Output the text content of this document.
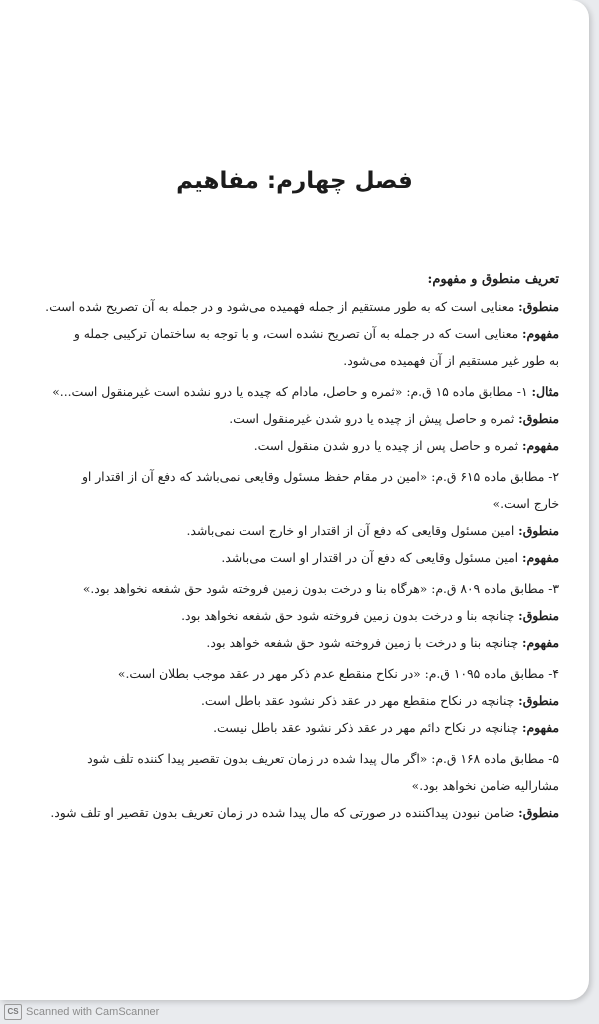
فصل چهارم: مفاهیم
تعریف منطوق و مفهوم:
منطوق: معنایی است که به طور مستقیم از جمله فهمیده می‌شود و در جمله به آن تصریح شده است.
مفهوم: معنایی است که در جمله به آن تصریح نشده است، و با توجه به ساختمان ترکیبی جمله و
به طور غیر مستقیم از آن فهمیده می‌شود.
مثال: ۱- مطابق ماده ۱۵ ق.م: «ثمره و حاصل، مادام که چیده یا درو نشده است غیرمنقول است...»
منطوق: ثمره و حاصل پیش از چیده یا درو شدن غیرمنقول است.
مفهوم: ثمره و حاصل پس از چیده یا درو شدن منقول است.
۲- مطابق ماده ۶۱۵ ق.م: «امین در مقام حفظ مسئول وقایعی نمی‌باشد که دفع آن از اقتدار او
خارج است.»
منطوق: امین مسئول وقایعی که دفع آن از اقتدار او خارج است نمی‌باشد.
مفهوم: امین مسئول وقایعی که دفع آن در اقتدار او است می‌باشد.
۳- مطابق ماده ۸۰۹ ق.م: «هرگاه بنا و درخت بدون زمین فروخته شود حق شفعه نخواهد بود.»
منطوق: چنانچه بنا و درخت بدون زمین فروخته شود حق شفعه نخواهد بود.
مفهوم: چنانچه بنا و درخت با زمین فروخته شود حق شفعه خواهد بود.
۴- مطابق ماده ۱۰۹۵ ق.م: «در نکاح منقطع عدم ذکر مهر در عقد موجب بطلان است.»
منطوق: چنانچه در نکاح منقطع مهر در عقد ذکر نشود عقد باطل است.
مفهوم: چنانچه در نکاح دائم مهر در عقد ذکر نشود عقد باطل نیست.
۵- مطابق ماده ۱۶۸ ق.م: «اگر مال پیدا شده در زمان تعریف بدون تقصیر پیدا کننده تلف شود
مشارالیه ضامن نخواهد بود.»
منطوق: ضامن نبودن پیداکننده در صورتی که مال پیدا شده در زمان تعریف بدون تقصیر او تلف شود.
CS Scanned with CamScanner
